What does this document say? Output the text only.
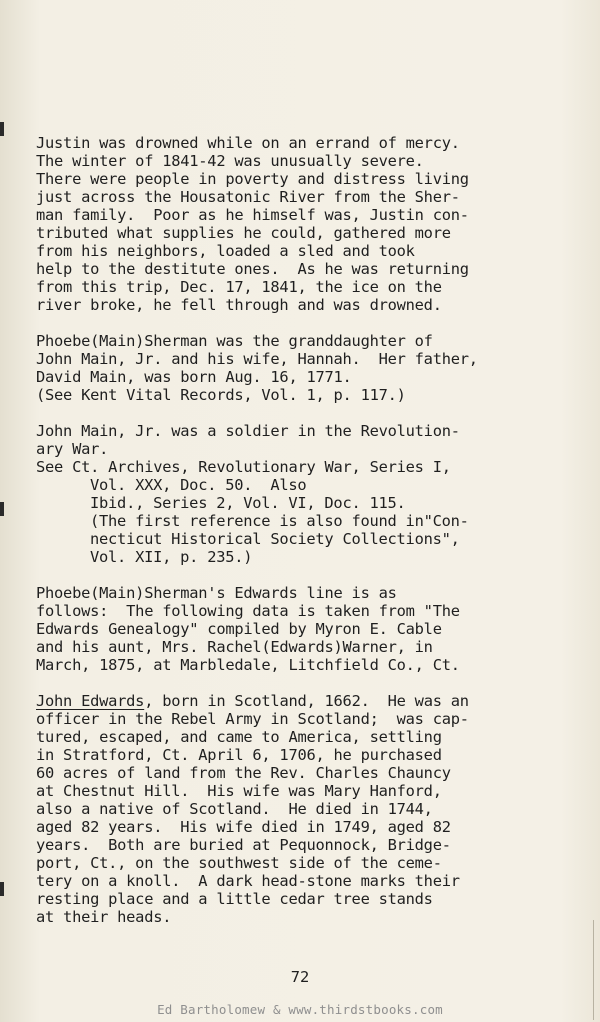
Justin was drowned while on an errand of mercy.
The winter of 1841-42 was unusually severe.
There were people in poverty and distress living
just across the Housatonic River from the Sher-
man family.  Poor as he himself was, Justin con-
tributed what supplies he could, gathered more
from his neighbors, loaded a sled and took
help to the destitute ones.  As he was returning
from this trip, Dec. 17, 1841, the ice on the
river broke, he fell through and was drowned.
Phoebe(Main)Sherman was the granddaughter of
John Main, Jr. and his wife, Hannah.  Her father,
David Main, was born Aug. 16, 1771.
(See Kent Vital Records, Vol. 1, p. 117.)
John Main, Jr. was a soldier in the Revolution-
ary War.
See Ct. Archives, Revolutionary War, Series I,
Vol. XXX, Doc. 50.  Also
Ibid., Series 2, Vol. VI, Doc. 115.
(The first reference is also found in"Con-
necticut Historical Society Collections",
Vol. XII, p. 235.)
Phoebe(Main)Sherman's Edwards line is as
follows:  The following data is taken from "The
Edwards Genealogy" compiled by Myron E. Cable
and his aunt, Mrs. Rachel(Edwards)Warner, in
March, 1875, at Marbledale, Litchfield Co., Ct.
John Edwards, born in Scotland, 1662.  He was an
officer in the Rebel Army in Scotland;  was cap-
tured, escaped, and came to America, settling
in Stratford, Ct. April 6, 1706, he purchased
60 acres of land from the Rev. Charles Chauncy
at Chestnut Hill.  His wife was Mary Hanford,
also a native of Scotland.  He died in 1744,
aged 82 years.  His wife died in 1749, aged 82
years.  Both are buried at Pequonnock, Bridge-
port, Ct., on the southwest side of the ceme-
tery on a knoll.  A dark head-stone marks their
resting place and a little cedar tree stands
at their heads.
72
Ed Bartholomew & www.thirdstbooks.com
